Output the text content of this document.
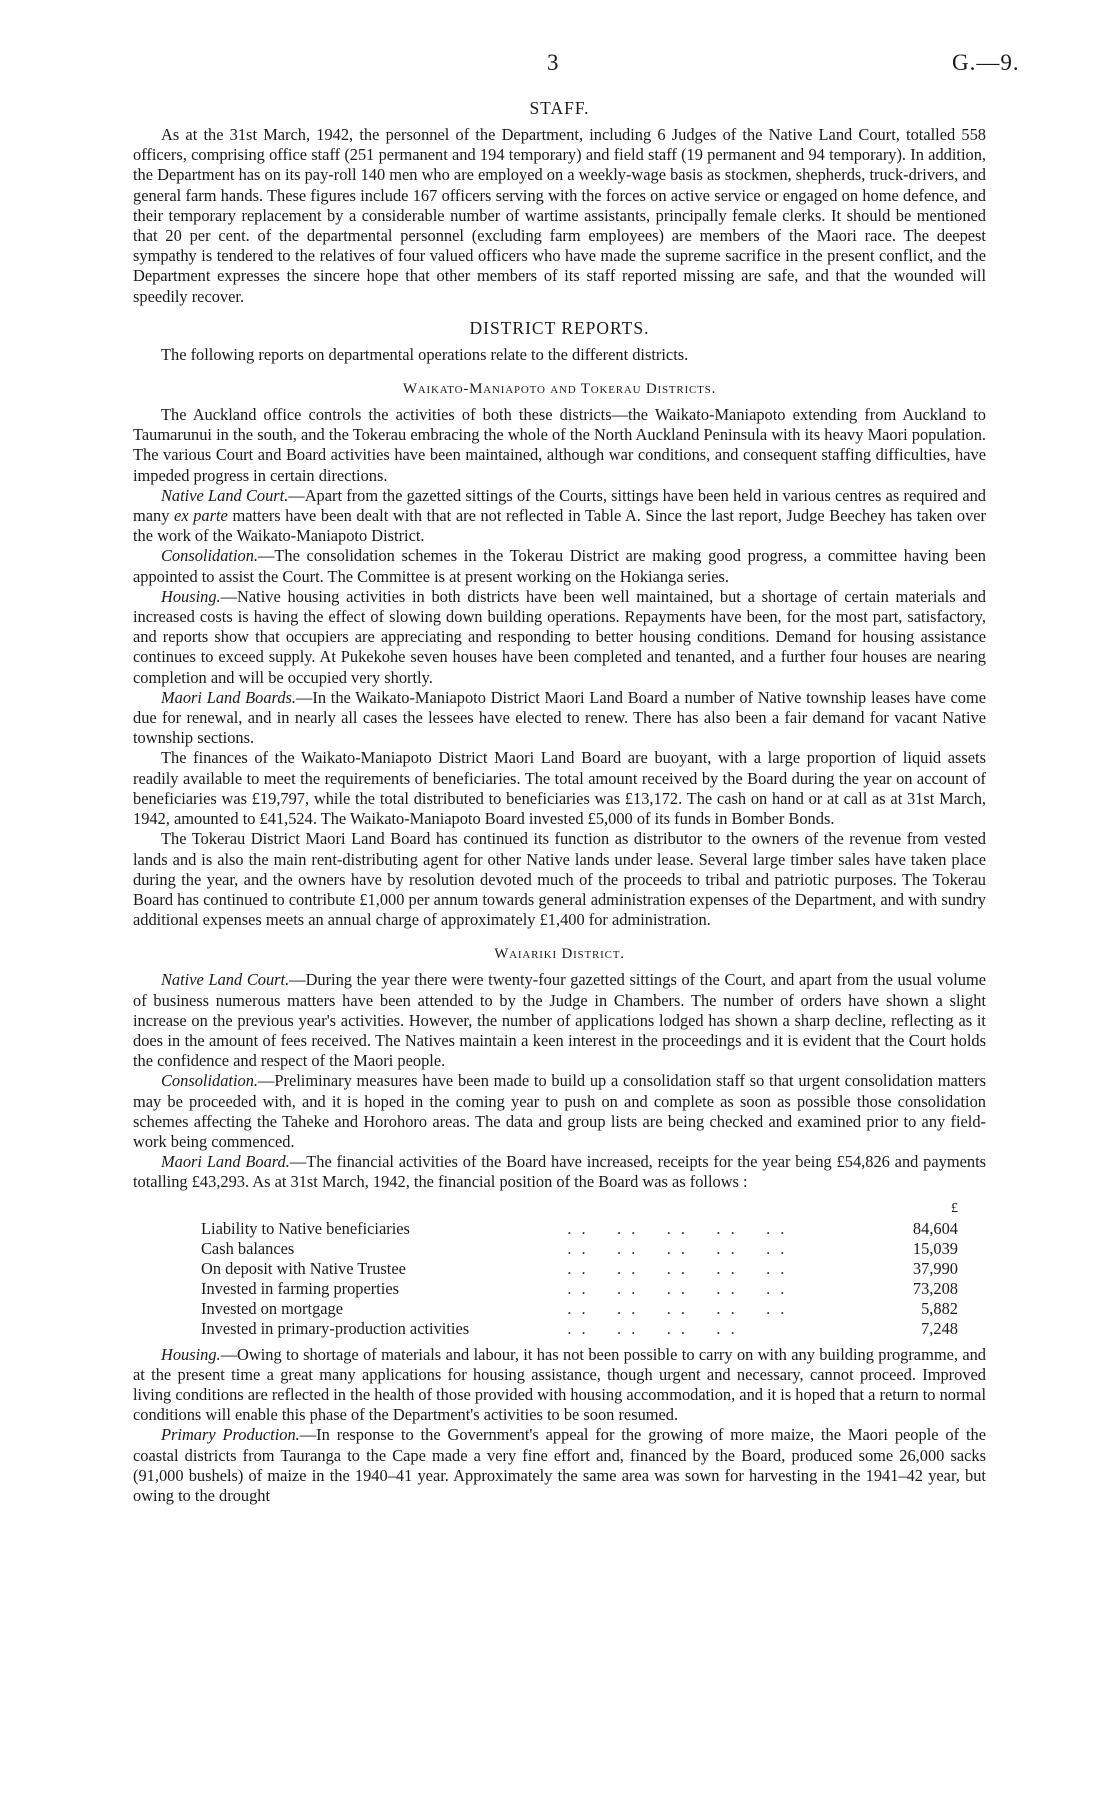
3	G.—9.
STAFF.

As at the 31st March, 1942, the personnel of the Department, including 6 Judges of the Native Land Court, totalled 558 officers, comprising office staff (251 permanent and 194 temporary) and field staff (19 permanent and 94 temporary). In addition, the Department has on its pay-roll 140 men who are employed on a weekly-wage basis as stockmen, shepherds, truck-drivers, and general farm hands. These figures include 167 officers serving with the forces on active service or engaged on home defence, and their temporary replacement by a considerable number of wartime assistants, principally female clerks. It should be mentioned that 20 per cent. of the departmental personnel (excluding farm employees) are members of the Maori race. The deepest sympathy is tendered to the relatives of four valued officers who have made the supreme sacrifice in the present conflict, and the Department expresses the sincere hope that other members of its staff reported missing are safe, and that the wounded will speedily recover.

DISTRICT REPORTS.

The following reports on departmental operations relate to the different districts.

Waikato-Maniapoto and Tokerau Districts.

The Auckland office controls the activities of both these districts—the Waikato-Maniapoto extending from Auckland to Taumarunui in the south, and the Tokerau embracing the whole of the North Auckland Peninsula with its heavy Maori population. The various Court and Board activities have been maintained, although war conditions, and consequent staffing difficulties, have impeded progress in certain directions.

Native Land Court.—Apart from the gazetted sittings of the Courts, sittings have been held in various centres as required and many ex parte matters have been dealt with that are not reflected in Table A. Since the last report, Judge Beechey has taken over the work of the Waikato-Maniapoto District.

Consolidation.—The consolidation schemes in the Tokerau District are making good progress, a committee having been appointed to assist the Court. The Committee is at present working on the Hokianga series.

Housing.—Native housing activities in both districts have been well maintained, but a shortage of certain materials and increased costs is having the effect of slowing down building operations. Repayments have been, for the most part, satisfactory, and reports show that occupiers are appreciating and responding to better housing conditions. Demand for housing assistance continues to exceed supply. At Pukekohe seven houses have been completed and tenanted, and a further four houses are nearing completion and will be occupied very shortly.

Maori Land Boards.—In the Waikato-Maniapoto District Maori Land Board a number of Native township leases have come due for renewal, and in nearly all cases the lessees have elected to renew. There has also been a fair demand for vacant Native township sections.

The finances of the Waikato-Maniapoto District Maori Land Board are buoyant, with a large proportion of liquid assets readily available to meet the requirements of beneficiaries. The total amount received by the Board during the year on account of beneficiaries was £19,797, while the total distributed to beneficiaries was £13,172. The cash on hand or at call as at 31st March, 1942, amounted to £41,524. The Waikato-Maniapoto Board invested £5,000 of its funds in Bomber Bonds.

The Tokerau District Maori Land Board has continued its function as distributor to the owners of the revenue from vested lands and is also the main rent-distributing agent for other Native lands under lease. Several large timber sales have taken place during the year, and the owners have by resolution devoted much of the proceeds to tribal and patriotic purposes. The Tokerau Board has continued to contribute £1,000 per annum towards general administration expenses of the Department, and with sundry additional expenses meets an annual charge of approximately £1,400 for administration.

Waiariki District.

Native Land Court.—During the year there were twenty-four gazetted sittings of the Court, and apart from the usual volume of business numerous matters have been attended to by the Judge in Chambers. The number of orders have shown a slight increase on the previous year's activities. However, the number of applications lodged has shown a sharp decline, reflecting as it does in the amount of fees received. The Natives maintain a keen interest in the proceedings and it is evident that the Court holds the confidence and respect of the Maori people.

Consolidation.—Preliminary measures have been made to build up a consolidation staff so that urgent consolidation matters may be proceeded with, and it is hoped in the coming year to push on and complete as soon as possible those consolidation schemes affecting the Taheke and Horohoro areas. The data and group lists are being checked and examined prior to any field-work being commenced.

Maori Land Board.—The financial activities of the Board have increased, receipts for the year being £54,826 and payments totalling £43,293. As at 31st March, 1942, the financial position of the Board was as follows :

		£
Liability to Native beneficiaries	. . . . . . . . . .	84,604
Cash balances	. . . . . . . . . .	15,039
On deposit with Native Trustee	. . . . . . . . . .	37,990
Invested in farming properties	. . . . . . . . . .	73,208
Invested on mortgage	. . . . . . . . . .	5,882
Invested in primary-production activities	. . . . . . . .	7,248

Housing.—Owing to shortage of materials and labour, it has not been possible to carry on with any building programme, and at the present time a great many applications for housing assistance, though urgent and necessary, cannot proceed. Improved living conditions are reflected in the health of those provided with housing accommodation, and it is hoped that a return to normal conditions will enable this phase of the Department's activities to be soon resumed.

Primary Production.—In response to the Government's appeal for the growing of more maize, the Maori people of the coastal districts from Tauranga to the Cape made a very fine effort and, financed by the Board, produced some 26,000 sacks (91,000 bushels) of maize in the 1940–41 year. Approximately the same area was sown for harvesting in the 1941–42 year, but owing to the drought
